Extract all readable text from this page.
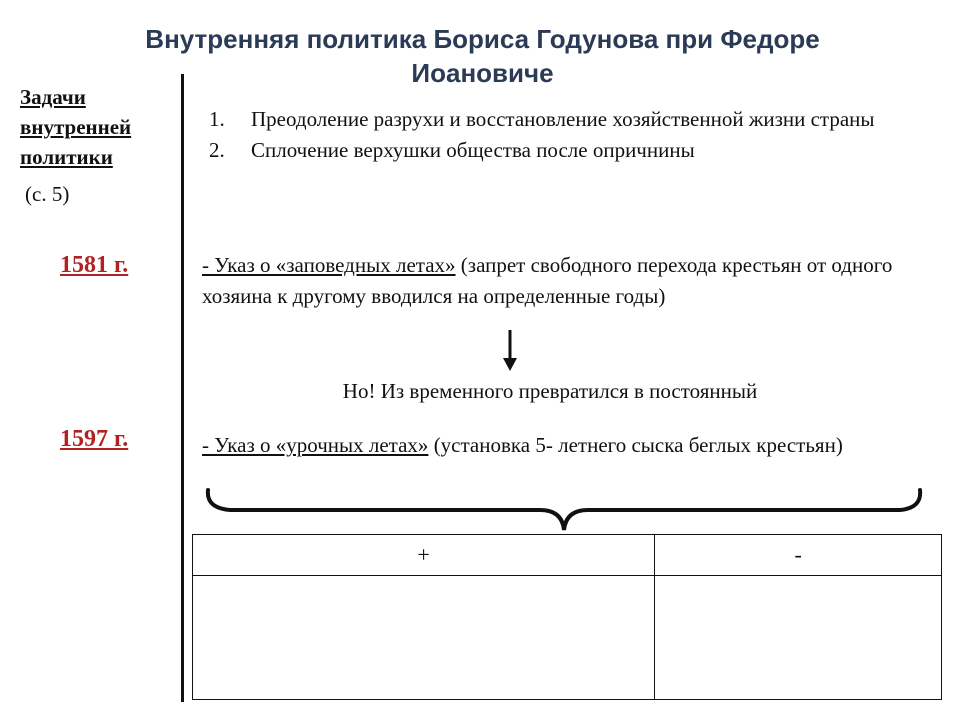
Внутренняя политика Бориса Годунова при Федоре
Иоановиче
Задачи
внутренней
политики
(с. 5)
1.	Преодоление разрухи и восстановление хозяйственной жизни страны
2.	Сплочение верхушки общества после опричнины
1581 г.	- Указ о «заповедных летах» (запрет свободного перехода крестьян от одного хозяина к другому вводился на определенные годы)
Но! Из временного превратился в постоянный
1597 г.	- Указ о «урочных летах» (установка 5- летнего сыска беглых крестьян)
+	-
